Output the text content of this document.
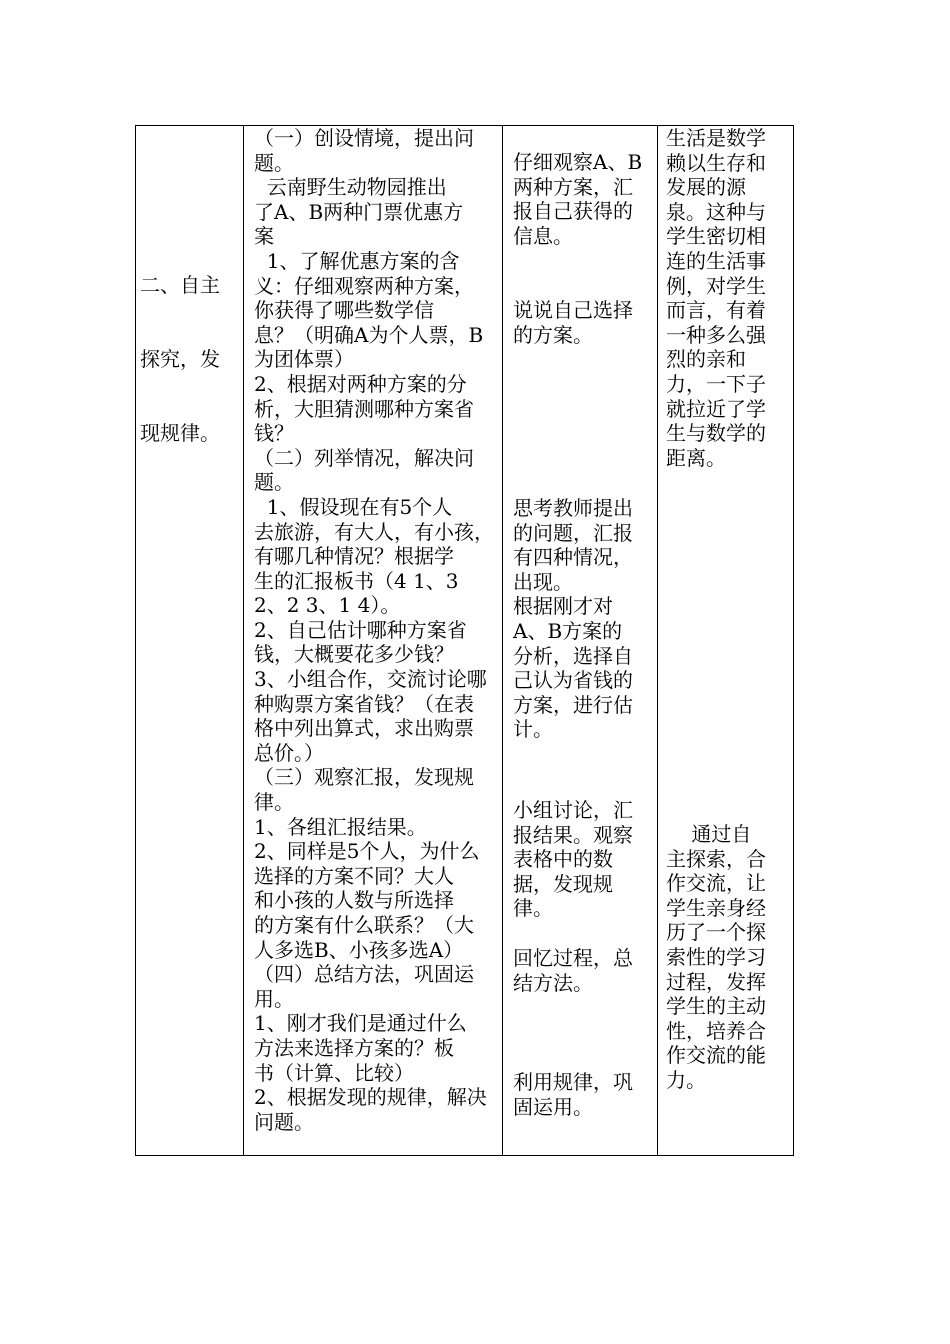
二、自主

探究，发

现规律。

（一）创设情境，提出问
题。
云南野生动物园推出
了A、B两种门票优惠方
案
1、了解优惠方案的含
义：仔细观察两种方案，
你获得了哪些数学信
息？（明确A为个人票，B
为团体票）
2、根据对两种方案的分
析，大胆猜测哪种方案省
钱？
（二）列举情况，解决问
题。
1、假设现在有5个人
去旅游，有大人，有小孩，
有哪几种情况？根据学
生的汇报板书（4 1、3
2、2 3、1 4）。
2、自己估计哪种方案省
钱，大概要花多少钱？
3、小组合作，交流讨论哪
种购票方案省钱？（在表
格中列出算式，求出购票
总价。）
（三）观察汇报，发现规
律。
1、各组汇报结果。
2、同样是5个人，为什么
选择的方案不同？大人
和小孩的人数与所选择
的方案有什么联系？（大
人多选B、小孩多选A）
（四）总结方法，巩固运
用。
1、刚才我们是通过什么
方法来选择方案的？板
书（计算、比较）
2、根据发现的规律，解决
问题。
仔细观察A、B
两种方案，汇
报自己获得的
信息。
说说自己选择
的方案。
思考教师提出
的问题，汇报
有四种情况，
出现。
根据刚才对
A、B方案的
分析，选择自
己认为省钱的
方案，进行估
计。
小组讨论，汇
报结果。观察
表格中的数
据，发现规
律。
回忆过程，总
结方法。
利用规律，巩
固运用。
生活是数学
赖以生存和
发展的源
泉。这种与
学生密切相
连的生活事
例，对学生
而言，有着
一种多么强
烈的亲和
力，一下子
就拉近了学
生与数学的
距离。
通过自
主探索，合
作交流，让
学生亲身经
历了一个探
索性的学习
过程，发挥
学生的主动
性，培养合
作交流的能
力。
